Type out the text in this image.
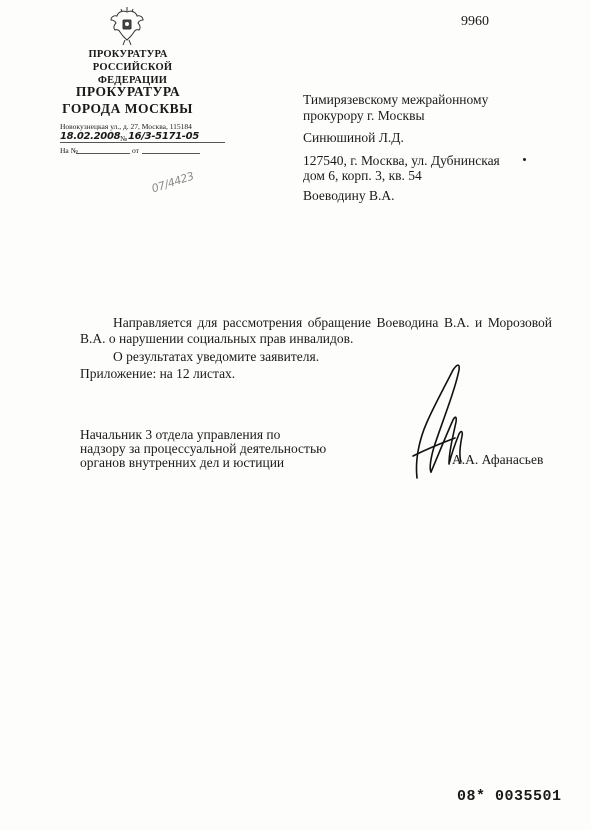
9960
ПРОКУРАТУРА
РОССИЙСКОЙ ФЕДЕРАЦИИ
ПРОКУРАТУРА
ГОРОДА МОСКВЫ
Новокузнецкая ул., д. 27, Москва, 115184
18.02.2008 № 16/3-5171-05
На №	от
07/4423
Тимирязевскому межрайонному
прокурору г. Москвы
Синюшиной Л.Д.
127540, г. Москва, ул. Дубнинская
дом 6, корп. 3, кв. 54
Воеводину В.А.
Направляется для рассмотрения обращение Воеводина В.А. и Морозовой В.А. о нарушении социальных прав инвалидов.
О результатах уведомите заявителя.
Приложение: на 12 листах.
Начальник 3 отдела управления по
надзору за процессуальной деятельностью
органов внутренних дел и юстиции	А.А. Афанасьев
08* 0035501
